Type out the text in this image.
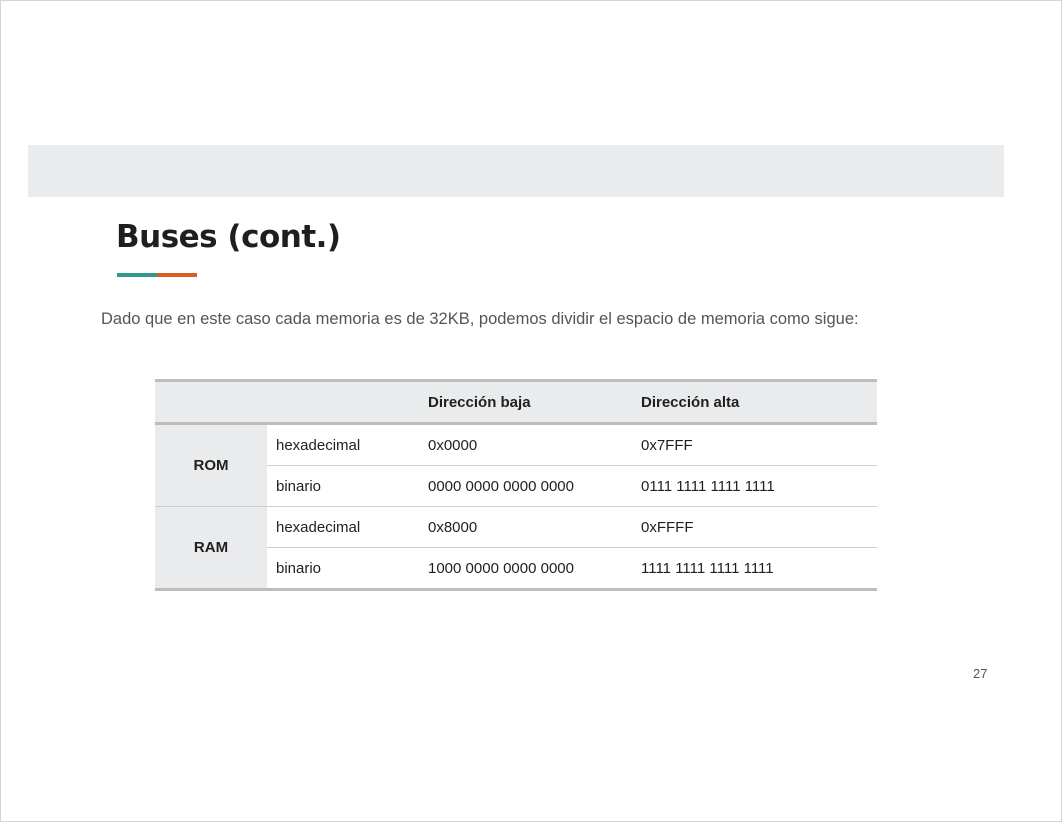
Buses (cont.)

Dado que en este caso cada memoria es de 32KB, podemos dividir el espacio de memoria como sigue:

		Dirección baja	Dirección alta
ROM	hexadecimal	0x0000	0x7FFF
	binario	0000 0000 0000 0000	0111 1111 1111 1111
RAM	hexadecimal	0x8000	0xFFFF
	binario	1000 0000 0000 0000	1111 1111 1111 1111
27
